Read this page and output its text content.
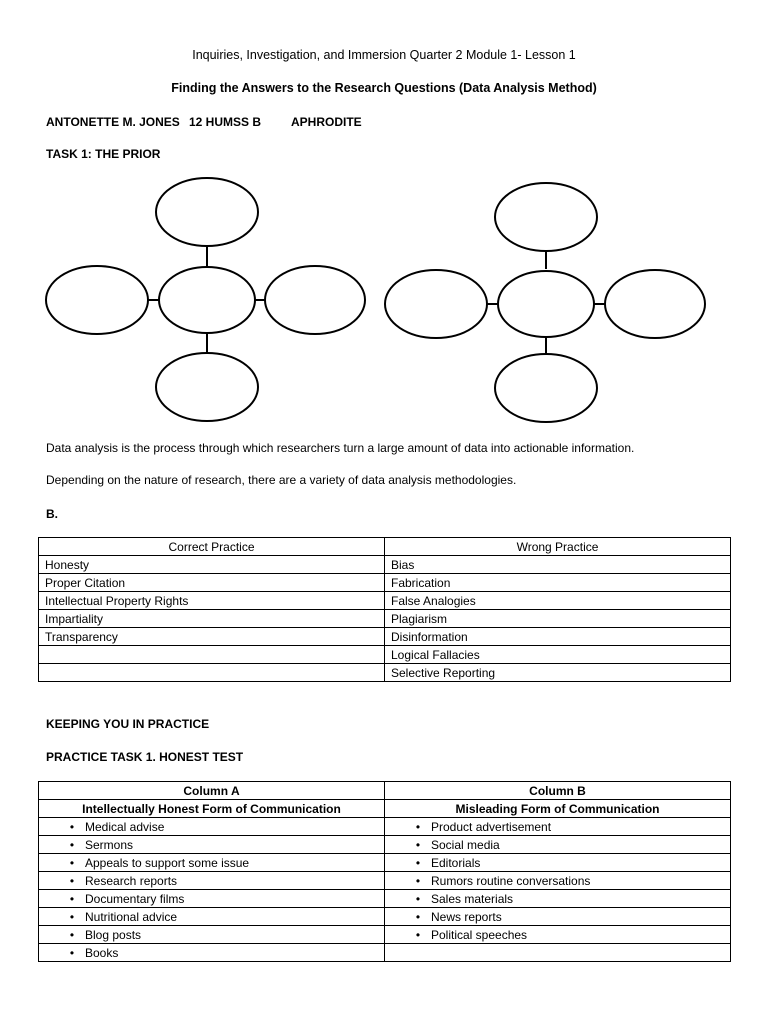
Inquiries, Investigation, and Immersion Quarter 2 Module 1- Lesson 1
Finding the Answers to the Research Questions (Data Analysis Method)
ANTONETTE M. JONES 12 HUMSS B APHRODITE
TASK 1: THE PRIOR
Data analysis is the process through which researchers turn a large amount of data into actionable information.
Depending on the nature of research, there are a variety of data analysis methodologies.
B.
Correct Practice	Wrong Practice
Honesty	Bias
Proper Citation	Fabrication
Intellectual Property Rights	False Analogies
Impartiality	Plagiarism
Transparency	Disinformation
	Logical Fallacies
	Selective Reporting
KEEPING YOU IN PRACTICE
PRACTICE TASK 1. HONEST TEST
Column A	Column B
Intellectually Honest Form of Communication	Misleading Form of Communication
• Medical advise	• Product advertisement
• Sermons	• Social media
• Appeals to support some issue	• Editorials
• Research reports	• Rumors routine conversations
• Documentary films	• Sales materials
• Nutritional advice	• News reports
• Blog posts	• Political speeches
• Books	
